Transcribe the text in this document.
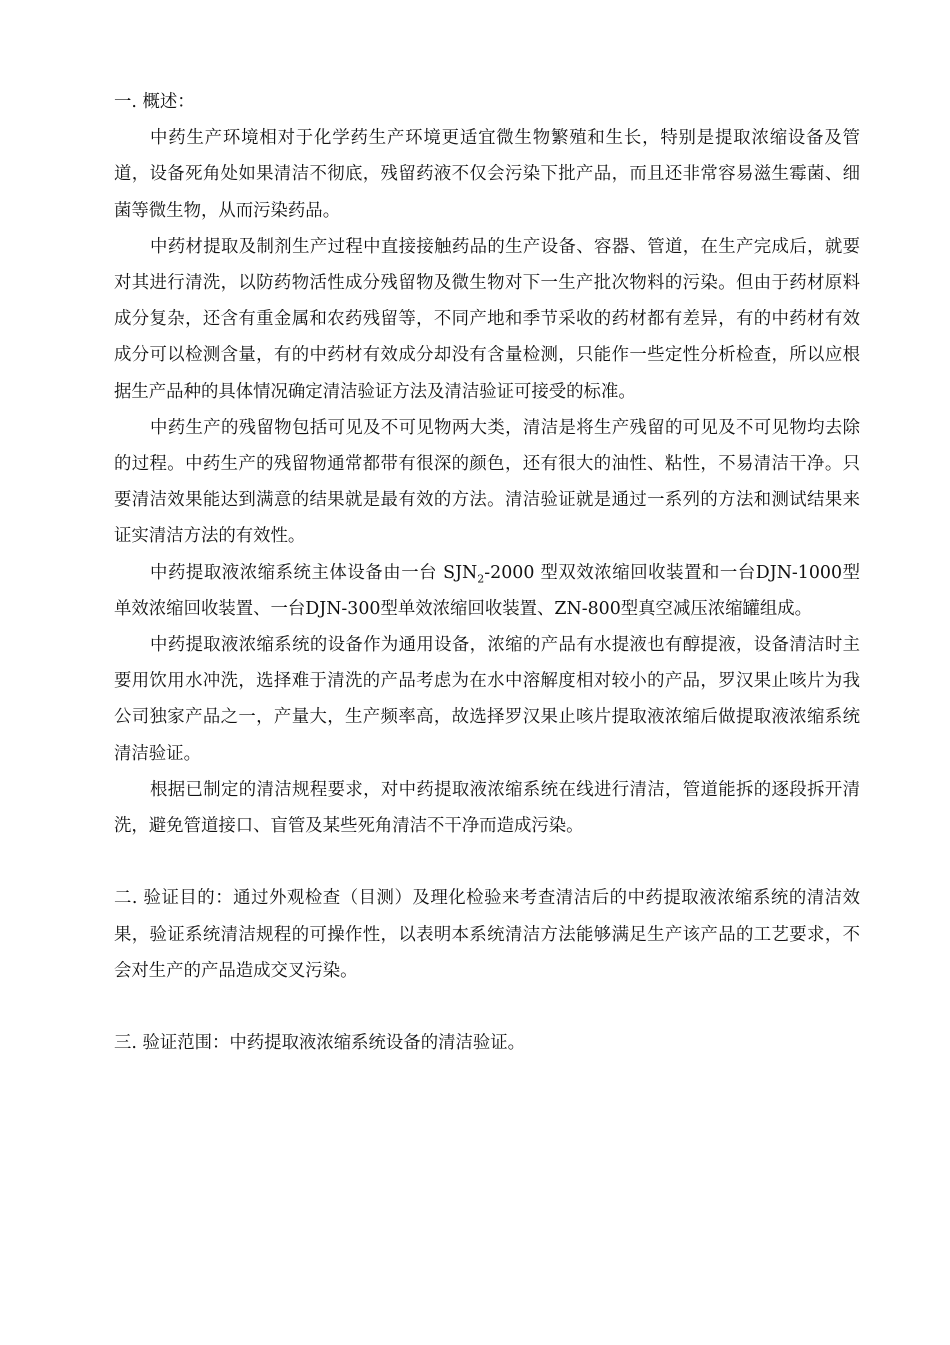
一. 概述：

中药生产环境相对于化学药生产环境更适宜微生物繁殖和生长，特别是提取浓缩设备及管道，设备死角处如果清洁不彻底，残留药液不仅会污染下批产品，而且还非常容易滋生霉菌、细菌等微生物，从而污染药品。

中药材提取及制剂生产过程中直接接触药品的生产设备、容器、管道，在生产完成后，就要对其进行清洗，以防药物活性成分残留物及微生物对下一生产批次物料的污染。但由于药材原料成分复杂，还含有重金属和农药残留等，不同产地和季节采收的药材都有差异，有的中药材有效成分可以检测含量，有的中药材有效成分却没有含量检测，只能作一些定性分析检查，所以应根据生产品种的具体情况确定清洁验证方法及清洁验证可接受的标准。

中药生产的残留物包括可见及不可见物两大类，清洁是将生产残留的可见及不可见物均去除的过程。中药生产的残留物通常都带有很深的颜色，还有很大的油性、粘性，不易清洁干净。只要清洁效果能达到满意的结果就是最有效的方法。清洁验证就是通过一系列的方法和测试结果来证实清洁方法的有效性。

中药提取液浓缩系统主体设备由一台 $SJN_2-2000$ 型双效浓缩回收装置和一台DJN-1000型单效浓缩回收装置、一台DJN-300型单效浓缩回收装置、ZN-800型真空减压浓缩罐组成。

中药提取液浓缩系统的设备作为通用设备，浓缩的产品有水提液也有醇提液，设备清洁时主要用饮用水冲洗，选择难于清洗的产品考虑为在水中溶解度相对较小的产品，罗汉果止咳片为我公司独家产品之一，产量大，生产频率高，故选择罗汉果止咳片提取液浓缩后做提取液浓缩系统清洁验证。

根据已制定的清洁规程要求，对中药提取液浓缩系统在线进行清洁，管道能拆的逐段拆开清洗，避免管道接口、盲管及某些死角清洁不干净而造成污染。

二. 验证目的：通过外观检查（目测）及理化检验来考查清洁后的中药提取液浓缩系统的清洁效果，验证系统清洁规程的可操作性，以表明本系统清洁方法能够满足生产该产品的工艺要求，不会对生产的产品造成交叉污染。

三. 验证范围：中药提取液浓缩系统设备的清洁验证。
